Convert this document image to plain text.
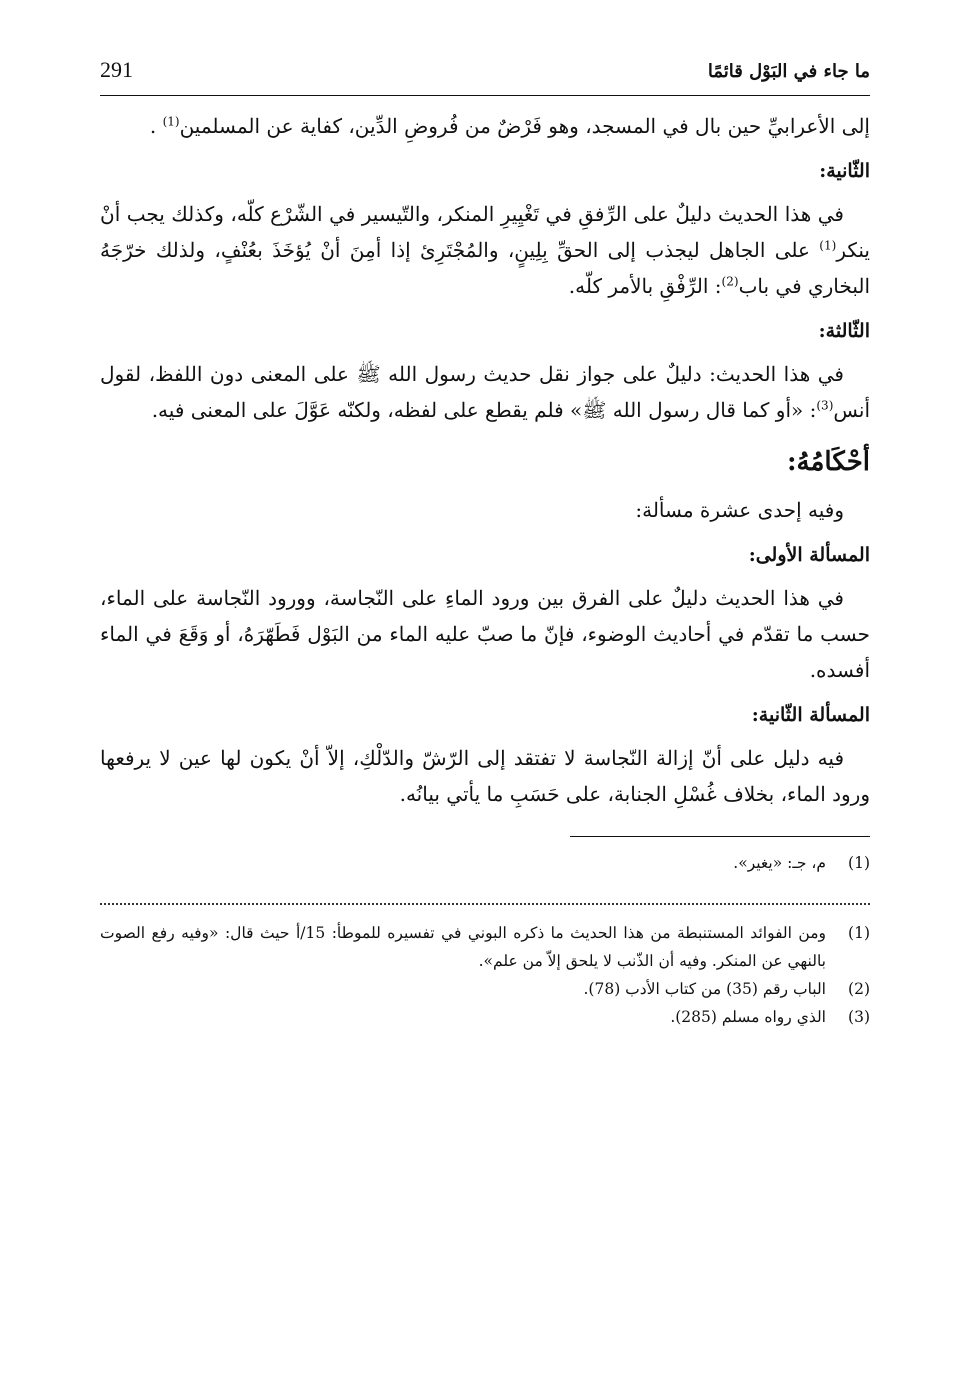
ما جاء في البَوْل قائمًا
291

إلى الأعرابيِّ حين بال في المسجد، وهو فَرْضٌ من فُروضِ الدِّين، كفاية عن المسلمين$^{(1)}$ .

الثّانية:

في هذا الحديث دليلٌ على الرِّفقِ في تَغْيِيرِ المنكر، والتّيسير في الشّرْع كلّه، وكذلك يجب أنْ ينكر$^{(1)}$ على الجاهل ليجذب إلى الحقِّ بِلِينٍ، والمُجْتَرِئ إذا أمِنَ أنْ يُؤخَذَ بعُنْفٍ، ولذلك خرّجَهُ البخاري في باب$^{(2)}$: الرِّفْقِ بالأمر كلّه.

الثّالثة:

في هذا الحديث: دليلٌ على جواز نقل حديث رسول الله ﷺ على المعنى دون اللفظ، لقول أنس$^{(3)}$: «أو كما قال رسول الله ﷺ» فلم يقطع على لفظه، ولكنّه عَوَّلَ على المعنى فيه.

أحْكَامُهُ:

وفيه إحدى عشرة مسألة:

المسألة الأولى:

في هذا الحديث دليلٌ على الفرق بين ورود الماءِ على النّجاسة، وورود النّجاسة على الماء، حسب ما تقدّم في أحاديث الوضوء، فإنّ ما صبّ عليه الماء من البَوْل فَطَهّرَهُ، أو وَقَعَ في الماء أفسده.

المسألة الثّانية:

فيه دليل على أنّ إزالة النّجاسة لا تفتقد إلى الرّشّ والدّلْكِ، إلاّ أنْ يكون لها عين لا يرفعها ورود الماء، بخلاف غُسْلِ الجنابة، على حَسَبِ ما يأتي بيانُه.

(1)
م، جـ: «يغير».
(1)
ومن الفوائد المستنبطة من هذا الحديث ما ذكره البوني في تفسيره للموطأ: 15/أ حيث قال: «وفيه رفع الصوت بالنهي عن المنكر. وفيه أن الذّنب لا يلحق إلاّ من علم».
(2)
الباب رقم (35) من كتاب الأدب (78).
(3)
الذي رواه مسلم (285).
